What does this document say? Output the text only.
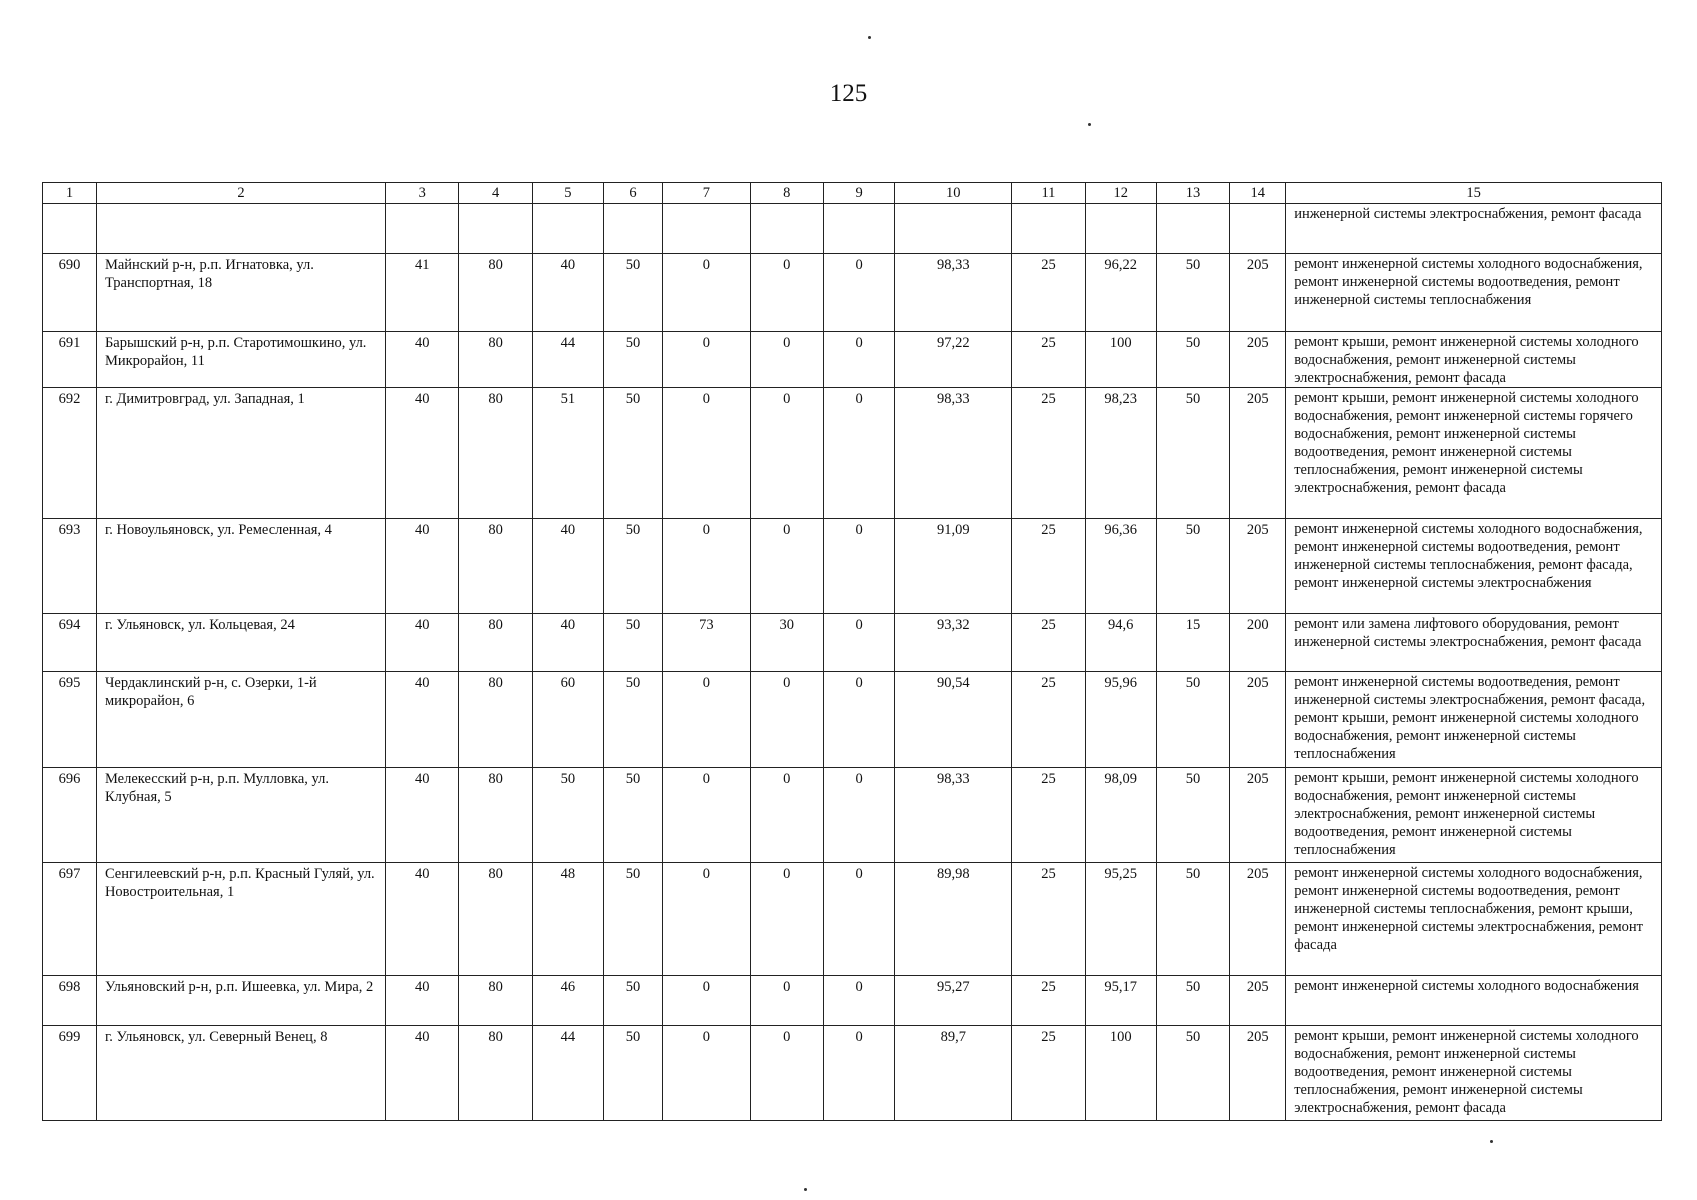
125
1	2	3	4	5	6	7	8	9	10	11	12	13	14	15
														инженерной системы электроснабжения, ремонт фасада
690	Майнский р-н, р.п. Игнатовка, ул. Транспортная, 18	41	80	40	50	0	0	0	98,33	25	96,22	50	205	ремонт инженерной системы холодного водоснабжения, ремонт инженерной системы водоотведения, ремонт инженерной системы теплоснабжения
691	Барышский р-н, р.п. Старотимошкино, ул. Микрорайон, 11	40	80	44	50	0	0	0	97,22	25	100	50	205	ремонт крыши, ремонт инженерной системы холодного водоснабжения, ремонт инженерной системы электроснабжения, ремонт фасада
692	г. Димитровград, ул. Западная, 1	40	80	51	50	0	0	0	98,33	25	98,23	50	205	ремонт крыши, ремонт инженерной системы холодного водоснабжения, ремонт инженерной системы горячего водоснабжения, ремонт инженерной системы водоотведения, ремонт инженерной системы теплоснабжения, ремонт инженерной системы электроснабжения, ремонт фасада
693	г. Новоульяновск, ул. Ремесленная, 4	40	80	40	50	0	0	0	91,09	25	96,36	50	205	ремонт инженерной системы холодного водоснабжения, ремонт инженерной системы водоотведения, ремонт инженерной системы теплоснабжения, ремонт фасада, ремонт инженерной системы электроснабжения
694	г. Ульяновск, ул. Кольцевая, 24	40	80	40	50	73	30	0	93,32	25	94,6	15	200	ремонт или замена лифтового оборудования, ремонт инженерной системы электроснабжения, ремонт фасада
695	Чердаклинский р-н, с. Озерки, 1-й микрорайон, 6	40	80	60	50	0	0	0	90,54	25	95,96	50	205	ремонт инженерной системы водоотведения, ремонт инженерной системы электроснабжения, ремонт фасада, ремонт крыши, ремонт инженерной системы холодного водоснабжения, ремонт инженерной системы теплоснабжения
696	Мелекесский р-н, р.п. Мулловка, ул. Клубная, 5	40	80	50	50	0	0	0	98,33	25	98,09	50	205	ремонт крыши, ремонт инженерной системы холодного водоснабжения, ремонт инженерной системы электроснабжения, ремонт инженерной системы водоотведения, ремонт инженерной системы теплоснабжения
697	Сенгилеевский р-н, р.п. Красный Гуляй, ул. Новостроительная, 1	40	80	48	50	0	0	0	89,98	25	95,25	50	205	ремонт инженерной системы холодного водоснабжения, ремонт инженерной системы водоотведения, ремонт инженерной системы теплоснабжения, ремонт крыши, ремонт инженерной системы электроснабжения, ремонт фасада
698	Ульяновский р-н, р.п. Ишеевка, ул. Мира, 2	40	80	46	50	0	0	0	95,27	25	95,17	50	205	ремонт инженерной системы холодного водоснабжения
699	г. Ульяновск, ул. Северный Венец, 8	40	80	44	50	0	0	0	89,7	25	100	50	205	ремонт крыши, ремонт инженерной системы холодного водоснабжения, ремонт инженерной системы водоотведения, ремонт инженерной системы теплоснабжения, ремонт инженерной системы электроснабжения, ремонт фасада
